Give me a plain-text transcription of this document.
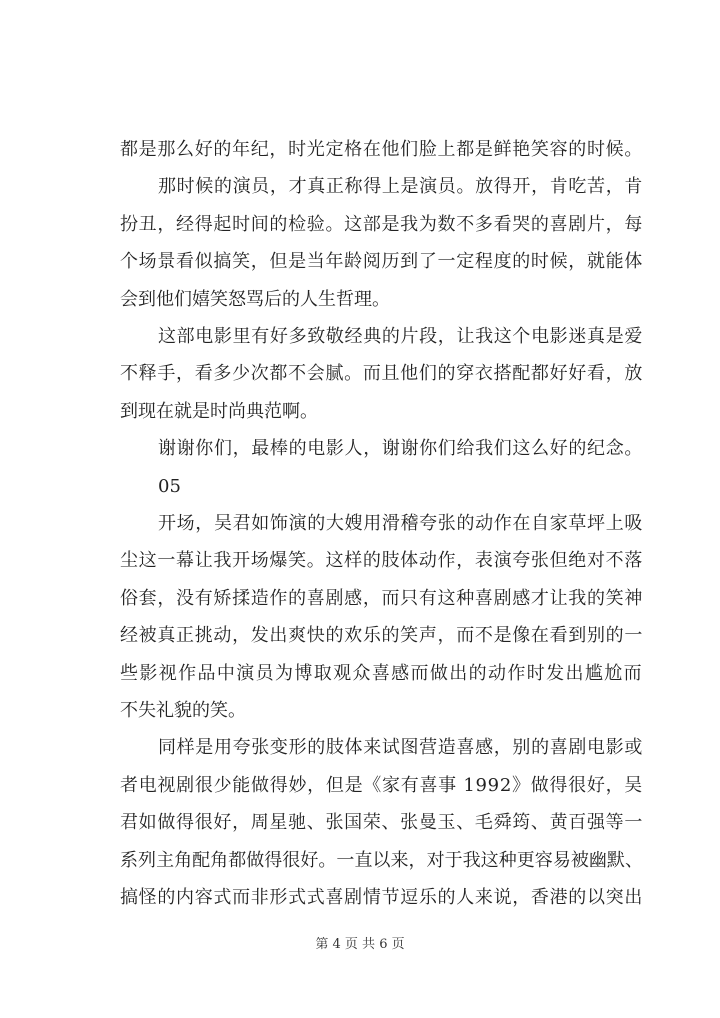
都是那么好的年纪，时光定格在他们脸上都是鲜艳笑容的时候。
那时候的演员，才真正称得上是演员。放得开，肯吃苦，肯
扮丑，经得起时间的检验。这部是我为数不多看哭的喜剧片，每
个场景看似搞笑，但是当年龄阅历到了一定程度的时候，就能体
会到他们嬉笑怒骂后的人生哲理。
这部电影里有好多致敬经典的片段，让我这个电影迷真是爱
不释手，看多少次都不会腻。而且他们的穿衣搭配都好好看，放
到现在就是时尚典范啊。
谢谢你们，最棒的电影人，谢谢你们给我们这么好的纪念。
05
开场，吴君如饰演的大嫂用滑稽夸张的动作在自家草坪上吸
尘这一幕让我开场爆笑。这样的肢体动作，表演夸张但绝对不落
俗套，没有矫揉造作的喜剧感，而只有这种喜剧感才让我的笑神
经被真正挑动，发出爽快的欢乐的笑声，而不是像在看到别的一
些影视作品中演员为博取观众喜感而做出的动作时发出尴尬而
不失礼貌的笑。
同样是用夸张变形的肢体来试图营造喜感，别的喜剧电影或
者电视剧很少能做得妙，但是《家有喜事 1992》做得很好，吴
君如做得很好，周星驰、张国荣、张曼玉、毛舜筠、黄百强等一
系列主角配角都做得很好。一直以来，对于我这种更容易被幽默、
搞怪的内容式而非形式式喜剧情节逗乐的人来说，香港的以突出
第 4 页 共 6 页
